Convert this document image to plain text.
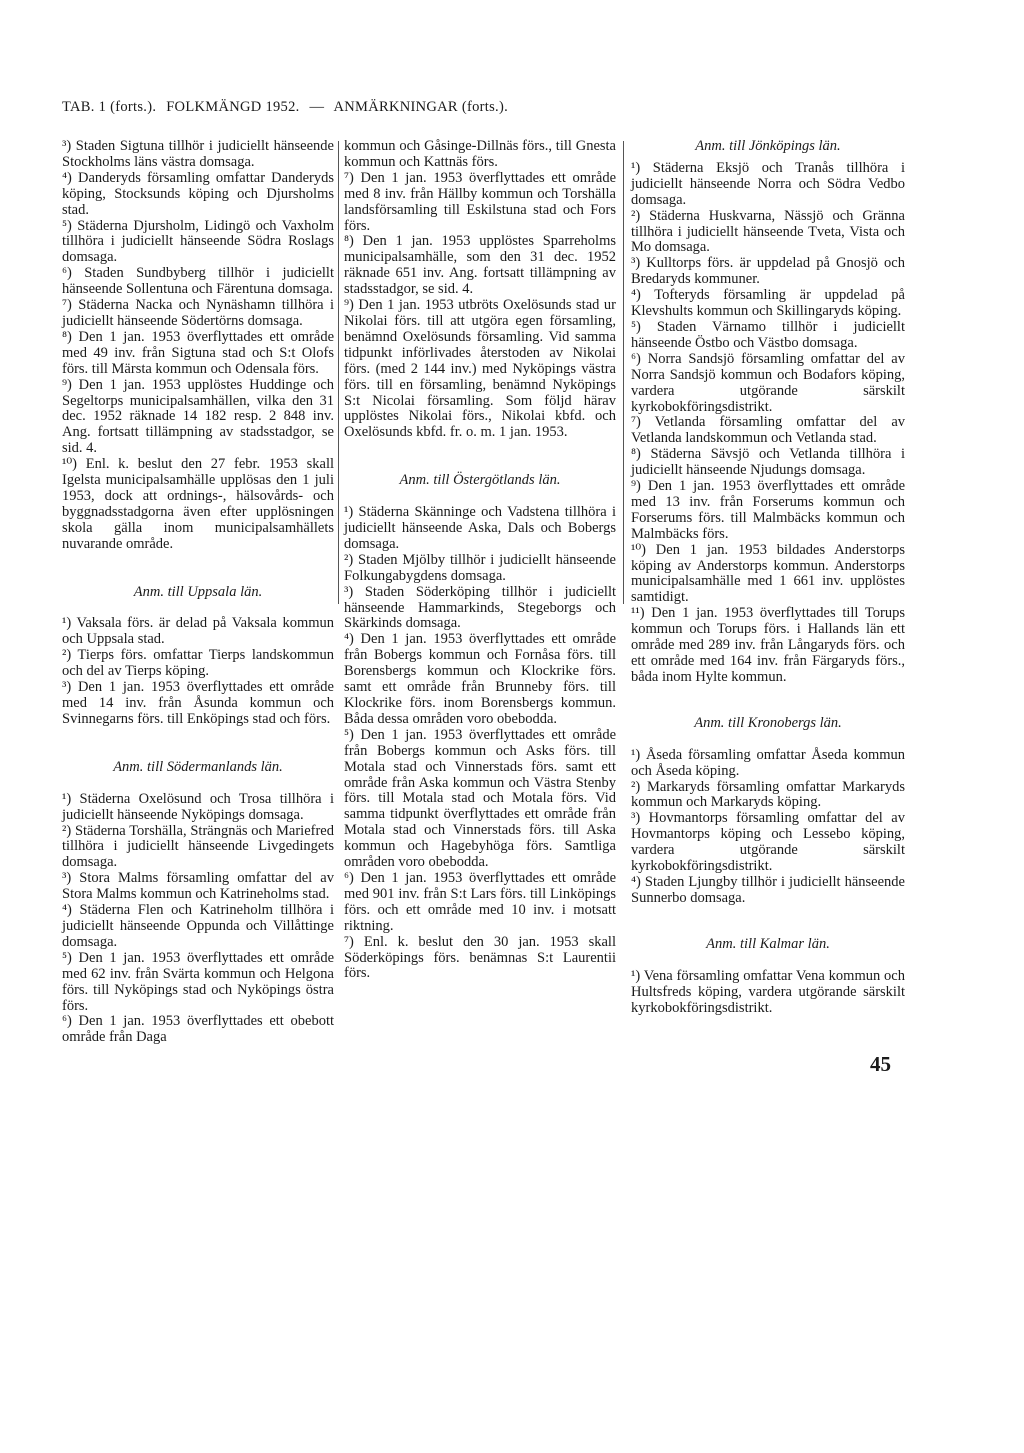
TAB. 1 (forts.). FOLKMÄNGD 1952. — ANMÄRKNINGAR (forts.).

³) Staden Sigtuna tillhör i judiciellt hänseende Stockholms läns västra domsaga.

⁴) Danderyds församling omfattar Danderyds köping, Stocksunds köping och Djursholms stad.

⁵) Städerna Djursholm, Lidingö och Vaxholm tillhöra i judiciellt hänseende Södra Roslags domsaga.

⁶) Staden Sundbyberg tillhör i judiciellt hänseende Sollentuna och Färentuna domsaga.

⁷) Städerna Nacka och Nynäshamn tillhöra i judiciellt hänseende Södertörns domsaga.

⁸) Den 1 jan. 1953 överflyttades ett område med 49 inv. från Sigtuna stad och S:t Olofs förs. till Märsta kommun och Odensala förs.

⁹) Den 1 jan. 1953 upplöstes Huddinge och Segeltorps municipalsamhällen, vilka den 31 dec. 1952 räknade 14 182 resp. 2 848 inv. Ang. fortsatt tillämpning av stadsstadgor, se sid. 4.

¹⁰) Enl. k. beslut den 27 febr. 1953 skall Igelsta municipalsamhälle upplösas den 1 juli 1953, dock att ordnings-, hälsovårds- och byggnadsstadgorna även efter upplösningen skola gälla inom municipalsamhällets nuvarande område.

Anm. till Uppsala län.

¹) Vaksala förs. är delad på Vaksala kommun och Uppsala stad.

²) Tierps förs. omfattar Tierps landskommun och del av Tierps köping.

³) Den 1 jan. 1953 överflyttades ett område med 14 inv. från Åsunda kommun och Svinnegarns förs. till Enköpings stad och förs.

Anm. till Södermanlands län.

¹) Städerna Oxelösund och Trosa tillhöra i judiciellt hänseende Nyköpings domsaga.

²) Städerna Torshälla, Strängnäs och Mariefred tillhöra i judiciellt hänseende Livgedingets domsaga.

³) Stora Malms församling omfattar del av Stora Malms kommun och Katrineholms stad.

⁴) Städerna Flen och Katrineholm tillhöra i judiciellt hänseende Oppunda och Villåttinge domsaga.

⁵) Den 1 jan. 1953 överflyttades ett område med 62 inv. från Svärta kommun och Helgona förs. till Nyköpings stad och Nyköpings östra förs.

⁶) Den 1 jan. 1953 överflyttades ett obebott område från Daga

kommun och Gåsinge-Dillnäs förs., till Gnesta kommun och Kattnäs förs.

⁷) Den 1 jan. 1953 överflyttades ett område med 8 inv. från Hällby kommun och Torshälla landsförsamling till Eskilstuna stad och Fors förs.

⁸) Den 1 jan. 1953 upplöstes Sparreholms municipalsamhälle, som den 31 dec. 1952 räknade 651 inv. Ang. fortsatt tillämpning av stadsstadgor, se sid. 4.

⁹) Den 1 jan. 1953 utbröts Oxelösunds stad ur Nikolai förs. till att utgöra egen församling, benämnd Oxelösunds församling. Vid samma tidpunkt införlivades återstoden av Nikolai förs. (med 2 144 inv.) med Nyköpings västra förs. till en församling, benämnd Nyköpings S:t Nicolai församling. Som följd härav upplöstes Nikolai förs., Nikolai kbfd. och Oxelösunds kbfd. fr. o. m. 1 jan. 1953.

Anm. till Östergötlands län.

¹) Städerna Skänninge och Vadstena tillhöra i judiciellt hänseende Aska, Dals och Bobergs domsaga.

²) Staden Mjölby tillhör i judiciellt hänseende Folkungabygdens domsaga.

³) Staden Söderköping tillhör i judiciellt hänseende Hammarkinds, Stegeborgs och Skärkinds domsaga.

⁴) Den 1 jan. 1953 överflyttades ett område från Bobergs kommun och Fornåsa förs. till Borensbergs kommun och Klockrike förs. samt ett område från Brunneby förs. till Klockrike förs. inom Borensbergs kommun. Båda dessa områden voro obebodda.

⁵) Den 1 jan. 1953 överflyttades ett område från Bobergs kommun och Asks förs. till Motala stad och Vinnerstads förs. samt ett område från Aska kommun och Västra Stenby förs. till Motala stad och Motala förs. Vid samma tidpunkt överflyttades ett område från Motala stad och Vinnerstads förs. till Aska kommun och Hagebyhöga förs. Samtliga områden voro obebodda.

⁶) Den 1 jan. 1953 överflyttades ett område med 901 inv. från S:t Lars förs. till Linköpings förs. och ett område med 10 inv. i motsatt riktning.

⁷) Enl. k. beslut den 30 jan. 1953 skall Söderköpings förs. benämnas S:t Laurentii förs.

Anm. till Jönköpings län.

¹) Städerna Eksjö och Tranås tillhöra i judiciellt hänseende Norra och Södra Vedbo domsaga.

²) Städerna Huskvarna, Nässjö och Gränna tillhöra i judiciellt hänseende Tveta, Vista och Mo domsaga.

³) Kulltorps förs. är uppdelad på Gnosjö och Bredaryds kommuner.

⁴) Tofteryds församling är uppdelad på Klevshults kommun och Skillingaryds köping.

⁵) Staden Värnamo tillhör i judiciellt hänseende Östbo och Västbo domsaga.

⁶) Norra Sandsjö församling omfattar del av Norra Sandsjö kommun och Bodafors köping, vardera utgörande särskilt kyrkobokföringsdistrikt.

⁷) Vetlanda församling omfattar del av Vetlanda landskommun och Vetlanda stad.

⁸) Städerna Sävsjö och Vetlanda tillhöra i judiciellt hänseende Njudungs domsaga.

⁹) Den 1 jan. 1953 överflyttades ett område med 13 inv. från Forserums kommun och Forserums förs. till Malmbäcks kommun och Malmbäcks förs.

¹⁰) Den 1 jan. 1953 bildades Anderstorps köping av Anderstorps kommun. Anderstorps municipalsamhälle med 1 661 inv. upplöstes samtidigt.

¹¹) Den 1 jan. 1953 överflyttades till Torups kommun och Torups förs. i Hallands län ett område med 289 inv. från Långaryds förs. och ett område med 164 inv. från Färgaryds förs., båda inom Hylte kommun.

Anm. till Kronobergs län.

¹) Åseda församling omfattar Åseda kommun och Åseda köping.

²) Markaryds församling omfattar Markaryds kommun och Markaryds köping.

³) Hovmantorps församling omfattar del av Hovmantorps köping och Lessebo köping, vardera utgörande särskilt kyrkobokföringsdistrikt.

⁴) Staden Ljungby tillhör i judiciellt hänseende Sunnerbo domsaga.

Anm. till Kalmar län.

¹) Vena församling omfattar Vena kommun och Hultsfreds köping, vardera utgörande särskilt kyrkobokföringsdistrikt.

45
